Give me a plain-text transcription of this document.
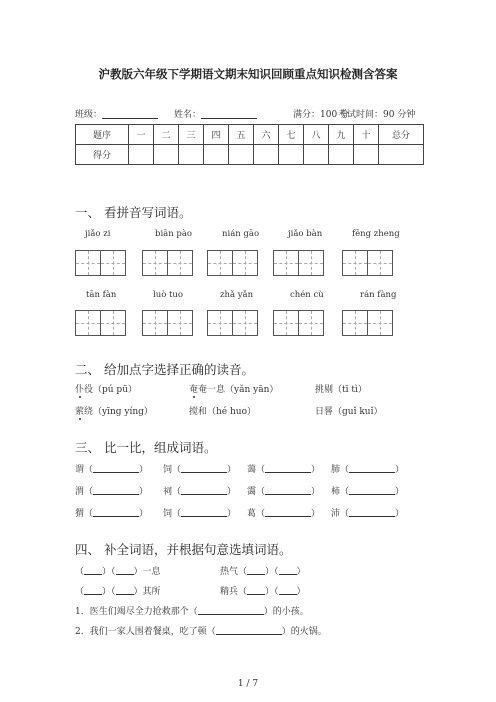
沪教版六年级下学期语文期末知识回顾重点知识检测含答案
班级：	姓名：	满分：100 分
考试时间：90 分钟
题序	一	二	三	四	五	六	七	八	九	十	总分
得分											
一、 看拼音写词语。
jiǎo zi	biān pào	nián gāo	jiǎo bàn	fēng zheng
tān fàn	luò tuo	zhǎ yǎn	chén cù	rán fàng
二、 给加点字选择正确的读音。
仆役（pú pū）	奄奄一息（yǎn yān）	挑剔（tī tì）
萦绕（yīng yíng）	搅和（hé huo）	日晷（guǐ kuǐ）
三、 比一比，组成词语。
谓（	） 饲（	） 蔼（	） 肺（	）
渭（	） 祠（	） 霭（	） 柿（	）
猬（	） 饲（	） 葛（	） 沛（	）
四、 补全词语，并根据句意选填词语。
（ ）（ ）一息	热气（ ）（ ）
（ ）（ ）其所	精兵（ ）（ ）
1．医生们竭尽全力抢救那个（	）的小孩。
2．我们一家人围着餐桌，吃了顿（	）的火锅。
1 / 7
